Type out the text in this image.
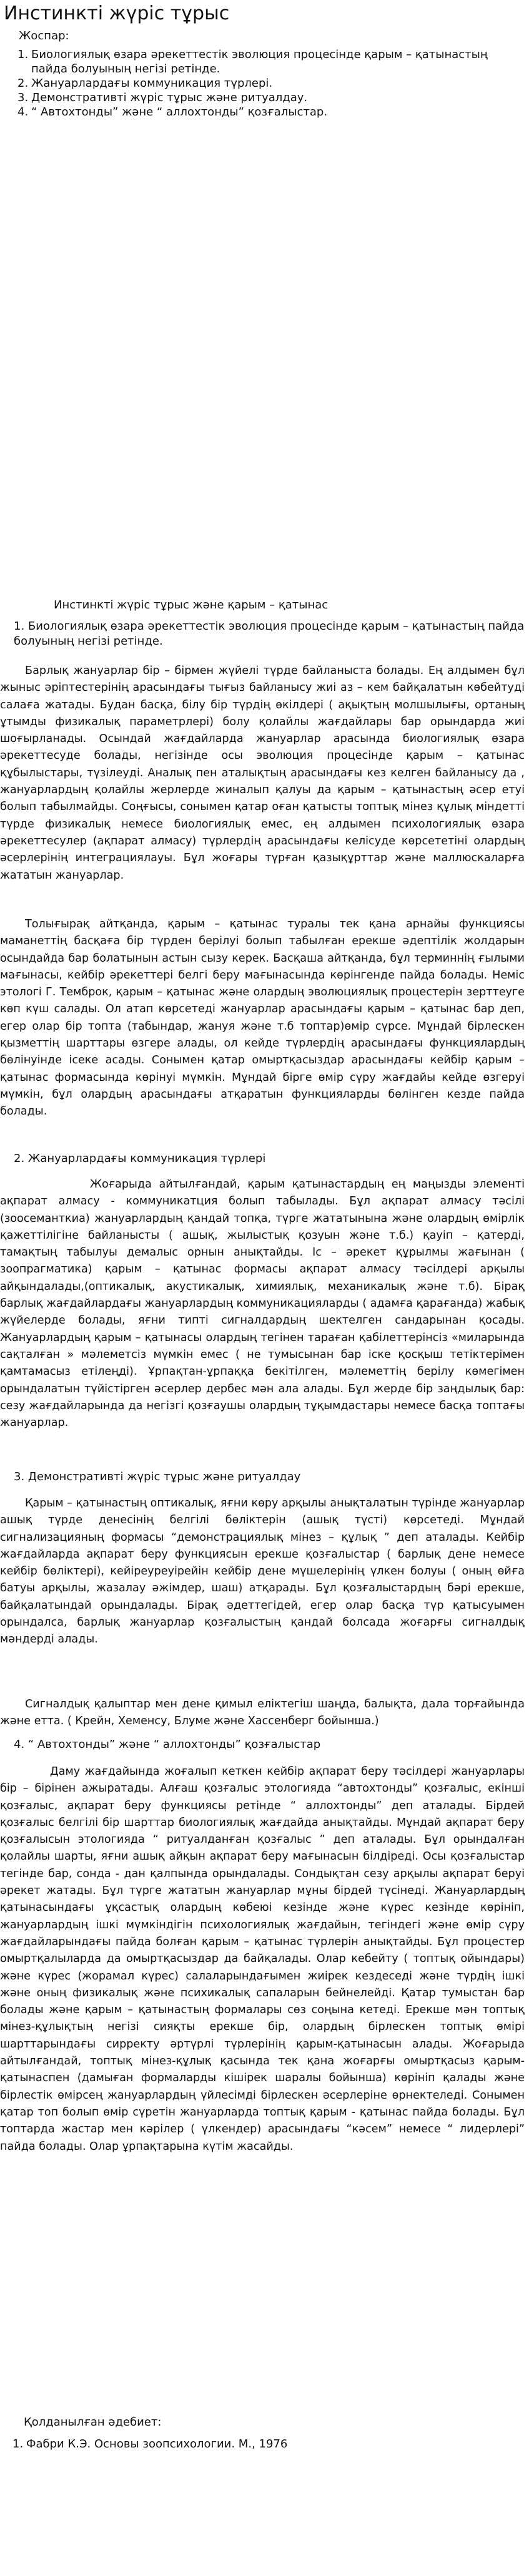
Инстинкті жүріс тұрыс
Жоспар:
1. Биологиялық өзара әрекеттестік эволюция процесінде қарым – қатынастың пайда болуының негізі ретінде.
2. Жануарлардағы коммуникация түрлері.
3. Демонстративті жүріс тұрыс және ритуалдау.
4. “ Автохтонды” және “ аллохтонды” қозғалыстар.
Инстинкті жүріс тұрыс және қарым – қатынас
1. Биологиялық өзара әрекеттестік эволюция процесінде қарым – қатынастың пайда болуының негізі ретінде.

Барлық жануарлар бір – бірмен жүйелі түрде байланыста болады. Ең алдымен бұл жыныс әріптестерінің арасындағы тығыз байланысу жиі аз – кем байқалатын көбейтуді салаға жатады. Будан басқа, білу бір түрдің өкілдері ( ақықтың молшылығы, ортаның ұтымды физикалық параметрлері) болу қолайлы жағдайлары бар орындарда жиі шоғырланады. Осындай жағдайларда жануарлар арасында биологиялық өзара әрекеттесуде болады, негізінде осы эволюция процесінде қарым – қатынас құбылыстары, түзілеуді. Аналық пен аталықтың арасындағы кез келген байланысу да , жануарлардың қолайлы жерлерде жиналып қалуы да қарым – қатынастың әсер етуі болып табылмайды. Соңғысы, сонымен қатар оған қатысты топтық мінез құлық міндетті түрде физикалық немесе биологиялық емес, ең алдымен психологиялық өзара әрекеттесулер (ақпарат алмасу) түрлердің арасындағы келісуде көрсететіні олардың әсерлерінің интеграциялауы. Бұл жоғары түрған қазықұрттар және маллюскаларға жататын жануарлар.

Толығырақ айтқанда, қарым – қатынас туралы тек қана арнайы функциясы маманеттің басқаға бір түрден берілуі болып табылған ерекше әдептілік жолдарын осындайда бар болатынын астын сызу керек. Басқаша айтқанда, бұл терминнің ғылыми мағынасы, кейбір әрекеттері белгі беру мағынасында көрінгенде пайда болады. Неміс этологі Г. Темброк, қарым – қатынас және олардың эволюциялық процестерін зерттеуге көп күш салады. Ол атап көрсетеді жануарлар арасындағы қарым – қатынас бар деп, егер олар бір топта (табындар, жануя және т.б топтар)өмір сүрсе. Мұндай бірлескен қызметтің шарттары өзгере алады, ол кейде түрлердің арасындағы функциялардың бөлінуінде ісеке асады. Сонымен қатар омыртқасыздар арасындағы кейбір қарым – қатынас формасында көрінуі мүмкін. Мұндай бірге өмір сүру жағдайы кейде өзгеруі мүмкін, бұл олардың арасындағы атқаратын функцияларды бөлінген кезде пайда болады.

2. Жануарлардағы коммуникация түрлері

Жоғарыда айтылғандай, қарым қатынастардың ең маңызды элементі ақпарат алмасу - коммуникатция болып табылады. Бұл ақпарат алмасу тәсілі (зоосеманткиа) жануарлардың қандай топқа, түрге жататынына және олардың өмірлік қажеттілігіне байланысты ( ашық, жылыстық қозуын және т.б.) қауіп – қатерді, тамақтың табылуы демалыс орнын анықтайды. Іс – әрекет құрылмы жағынан ( зоопрагматика) қарым – қатынас формасы ақпарат алмасу тәсілдері арқылы айқындалады,(оптикалық, акустикалық, химиялық, механикалық және т.б). Бірақ барлық жағдайлардағы жануарлардың коммуникацияларды ( адамға қарағанда) жабық жүйелерде болады, яғни типті сигналдардың шектелген сандарынан қосады. Жануарлардың қарым – қатынасы олардың тегінен тараған қабілеттерінсіз «миларында сақталған » мәлеметсіз мүмкін емес ( не тумысынан бар іске қосқыш тетіктерімен қамтамасыз етілеңді). Ұрпақтан-ұрпаққа бекітілген, мәлеметтің берілу көмегімен орындалатын түйістірген әсерлер дербес мән ала алады. Бұл жерде бір заңдылық бар: сезу жағдайларында да негізгі қозғаушы олардың тұқымдастары немесе басқа топтағы жануарлар.

3. Демонстративті жүріс тұрыс және ритуалдау

Қарым – қатынастың оптикалық, яғни көру арқылы анықталатын түрінде жануарлар ашық түрде денесінің белгілі бөліктерін (ашық түсті) көрсетеді. Мұндай сигнализацияның формасы “демонстрациялық мінез – құлық ” деп аталады. Кейбір жағдайларда ақпарат беру функциясын ерекше қозғалыстар ( барлық дене немесе кейбір бөліктері), кейіреуреуірейін кейбір дене мүшелерінің үлкен болуы ( оның өйға батуы арқылы, жазалау әжімдер, шаш) атқарады. Бұл қозғалыстардың бәрі ерекше, байқалатындай орындалады. Бірақ әдеттегідей, егер олар басқа түр қатысуымен орындалса, барлық жануарлар қозғалыстың қандай болсада жоғарғы сигналдық мәндерді алады.

Сигналдық қалыптар мен дене қимыл еліктегіш шаңда, балықта, дала торғайында және етта. ( Крейн, Хеменсу, Блуме және Хассенберг бойынша.)

4. “ Автохтонды” және “ аллохтонды” қозғалыстар

Даму жағдайында жоғалып кеткен кейбір ақпарат беру тәсілдері жануарлары бір – бірінен ажыратады. Алғаш қозғалыс этологияда “автохтонды” қозғалыс, екінші қозғалыс, ақпарат беру функциясы ретінде “ аллохтонды” деп аталады. Бірдей қозғалыс белгілі бір шарттар биологиялық жағдайда анықтайды. Мұндай ақпарат беру қозғалысын этологияда “ ритуалданған қозғалыс ” деп аталады. Бұл орындалған қолайлы шарты, яғни ашық айқын ақпарат беру мағынасын білдіреді. Осы қозғалыстар тегінде бар, сонда - дан қалпында орындалады. Сондықтан сезу арқылы ақпарат беруі әрекет жатады. Бұл түрге жататын жануарлар мұны бірдей түсінеді. Жануарлардың қатынасындағы ұқсастық олардың көбеюі кезінде және күрес кезінде көрініп, жануарлардың ішкі мүмкіндігін психологиялық жағдайын, тегіндегі және өмір сүру жағдайларындағы пайда болған қарым – қатынас түрлерін анықтайды. Бұл процестер омыртқалыларда да омыртқасыздар да байқалады. Олар кебейту ( топтық ойындары) және күрес (жорамал күрес) салаларындағымен жиірек кездеседі және түрдің ішкі және оның физикалық және психикалық сапаларын бейнелейді. Қатар тумыстан бар болады және қарым – қатынастың формалары сөз соңына кетеді. Ерекше мән топтық мінез-құлықтың негізі сияқты ерекше бір, олардың бірлескен топтық өмірі шарттарындағы сирректу әртүрлі түрлерінің қарым-қатынасын алады. Жоғарыда айтылғандай, топтық мінез-құлық қасында тек қана жоғарғы омыртқасыз қарым-қатынаспен (дамыған формаларды кішірек шаралы бойынша) көрініп қалады және бірлестік өмірсең жануарлардың үйлесімді бірлескен әсерлеріне өрнектеледі. Сонымен қатар топ болып өмір сүретін жануарларда топтық қарым - қатынас пайда болады. Бұл топтарда жастар мен кәрілер ( үлкендер) арасындағы “кәсем” немесе “ лидерлері” пайда болады. Олар ұрпақтарына күтім жасайды.

Қолданылған әдебиет:
1. Фабри К.Э. Основы зоопсихологии. М., 1976
